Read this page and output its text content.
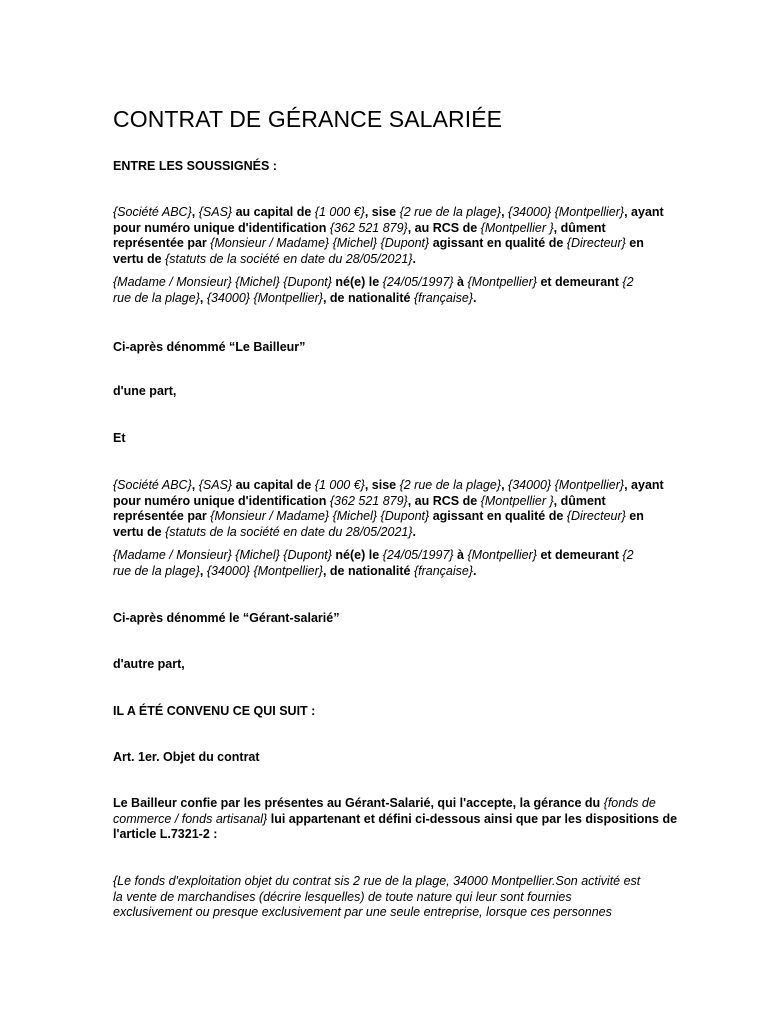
CONTRAT DE GÉRANCE SALARIÉE

ENTRE LES SOUSSIGNÉS :

{Société ABC}, {SAS} au capital de {1 000 €}, sise {2 rue de la plage}, {34000} {Montpellier}, ayant
pour numéro unique d'identification {362 521 879}, au RCS de {Montpellier }, dûment
représentée par {Monsieur / Madame} {Michel} {Dupont} agissant en qualité de {Directeur} en
vertu de {statuts de la société en date du 28/05/2021}.
{Madame / Monsieur} {Michel} {Dupont} né(e) le {24/05/1997} à {Montpellier} et demeurant {2
rue de la plage}, {34000} {Montpellier}, de nationalité {française}.

Ci-après dénommé “Le Bailleur”

d'une part,

Et

{Société ABC}, {SAS} au capital de {1 000 €}, sise {2 rue de la plage}, {34000} {Montpellier}, ayant
pour numéro unique d'identification {362 521 879}, au RCS de {Montpellier }, dûment
représentée par {Monsieur / Madame} {Michel} {Dupont} agissant en qualité de {Directeur} en
vertu de {statuts de la société en date du 28/05/2021}.
{Madame / Monsieur} {Michel} {Dupont} né(e) le {24/05/1997} à {Montpellier} et demeurant {2
rue de la plage}, {34000} {Montpellier}, de nationalité {française}.

Ci-après dénommé le “Gérant-salarié”

d'autre part,

IL A ÉTÉ CONVENU CE QUI SUIT :

Art. 1er. Objet du contrat

Le Bailleur confie par les présentes au Gérant-Salarié, qui l'accepte, la gérance du {fonds de
commerce / fonds artisanal} lui appartenant et défini ci-dessous ainsi que par les dispositions de
l'article L.7321-2 :
{Le fonds d'exploitation objet du contrat sis 2 rue de la plage, 34000 Montpellier.Son activité est
la vente de marchandises (décrire lesquelles) de toute nature qui leur sont fournies
exclusivement ou presque exclusivement par une seule entreprise, lorsque ces personnes
